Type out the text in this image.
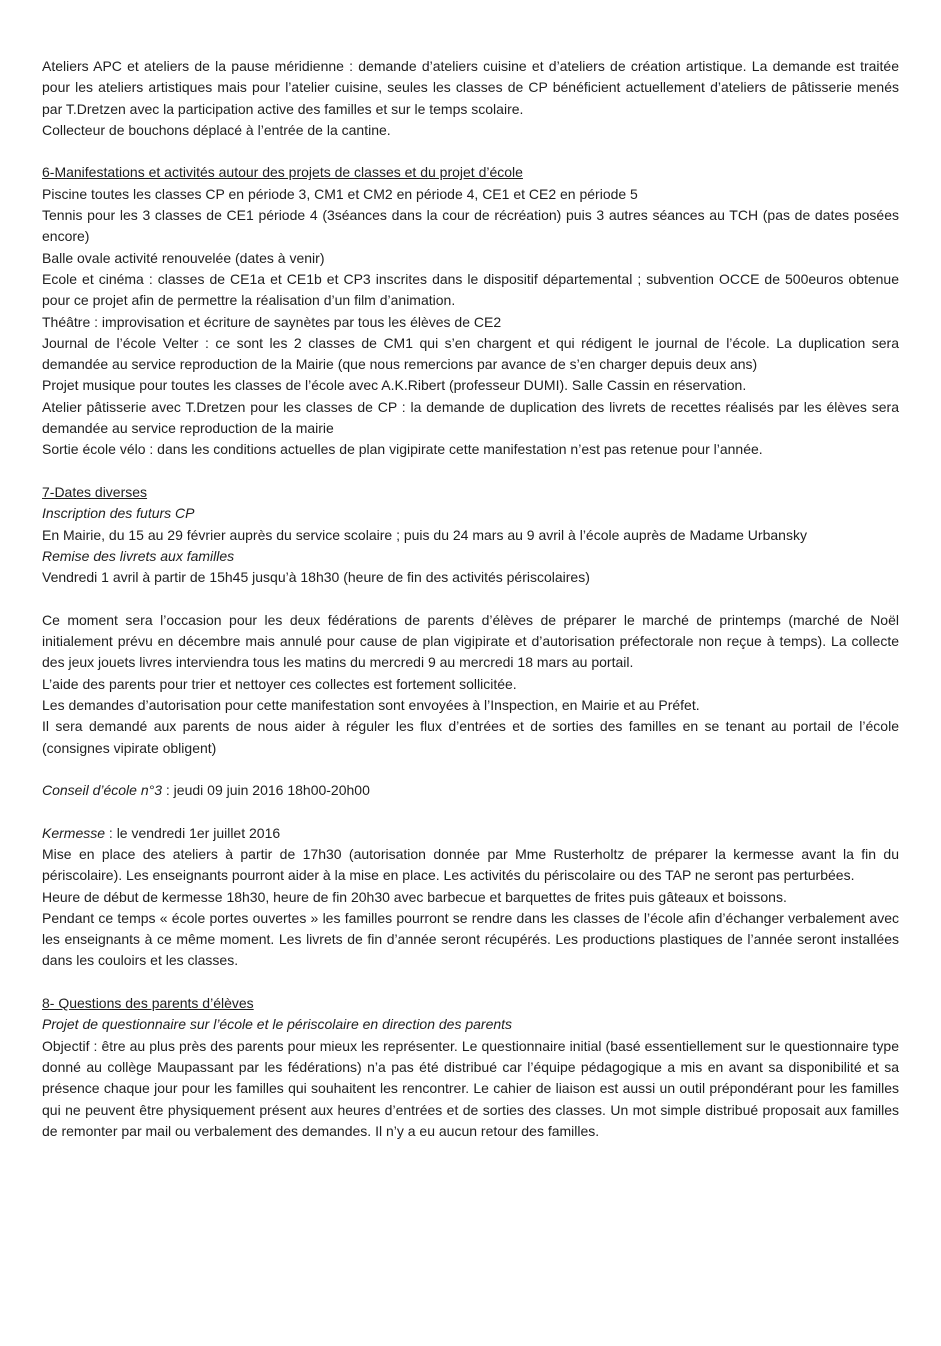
Ateliers APC et ateliers de la pause méridienne : demande d’ateliers cuisine et d’ateliers de création artistique. La demande est traitée pour les ateliers artistiques mais pour l’atelier cuisine, seules les classes de CP bénéficient actuellement d’ateliers de pâtisserie menés par T.Dretzen avec la participation active des familles et sur le temps scolaire.

Collecteur de bouchons déplacé à l’entrée de la cantine.

6-Manifestations et activités autour des projets de classes et du projet d’école

Piscine toutes les classes CP en période 3, CM1 et CM2 en période 4, CE1 et CE2 en période 5

Tennis pour les 3 classes de CE1 période 4 (3séances dans la cour de récréation) puis 3 autres séances au TCH (pas de dates posées encore)

Balle ovale activité renouvelée (dates à venir)

Ecole et cinéma : classes de CE1a et CE1b et CP3 inscrites dans le dispositif départemental ; subvention OCCE de 500euros obtenue pour ce projet afin de permettre la réalisation d’un film d’animation.

Théâtre : improvisation et écriture de saynètes par tous les élèves de CE2

Journal de l’école Velter : ce sont les 2 classes de CM1 qui s’en chargent et qui rédigent le journal de l’école. La duplication sera demandée au service reproduction de la Mairie (que nous remercions par avance de s’en charger depuis deux ans)

Projet musique pour toutes les classes de l’école avec A.K.Ribert (professeur DUMI). Salle Cassin en réservation.

Atelier pâtisserie avec T.Dretzen pour les classes de CP : la demande de duplication des livrets de recettes réalisés par les élèves sera demandée au service reproduction de la mairie

Sortie école vélo : dans les conditions actuelles de plan vigipirate cette manifestation n’est pas retenue pour l’année.

7-Dates diverses

Inscription des futurs CP

En Mairie, du 15 au 29 février auprès du service scolaire ; puis du 24 mars au 9 avril à l’école auprès de Madame Urbansky

Remise des livrets aux familles

Vendredi 1 avril à partir de 15h45 jusqu’à 18h30 (heure de fin des activités périscolaires)

Ce moment sera l’occasion pour les deux fédérations de parents d’élèves de préparer le marché de printemps (marché de Noël initialement prévu en décembre mais annulé pour cause de plan vigipirate et d’autorisation préfectorale non reçue à temps). La collecte des jeux jouets livres interviendra tous les matins du mercredi 9 au mercredi 18 mars au portail.

L’aide des parents pour trier et nettoyer ces collectes est fortement sollicitée.

Les demandes d’autorisation pour cette manifestation sont envoyées à l’Inspection, en Mairie et au Préfet.

Il sera demandé aux parents de nous aider à réguler les flux d’entrées et de sorties des familles en se tenant au portail de l’école (consignes vipirate obligent)

Conseil d’école n°3 : jeudi 09 juin 2016 18h00-20h00

Kermesse : le vendredi 1er juillet 2016

Mise en place des ateliers à partir de 17h30 (autorisation donnée par Mme Rusterholtz de préparer la kermesse avant la fin du périscolaire). Les enseignants pourront aider à la mise en place. Les activités du périscolaire ou des TAP ne seront pas perturbées.

Heure de début de kermesse 18h30, heure de fin 20h30 avec barbecue et barquettes de frites puis gâteaux et boissons.

Pendant ce temps « école portes ouvertes » les familles pourront se rendre dans les classes de l’école afin d’échanger verbalement avec les enseignants à ce même moment. Les livrets de fin d’année seront récupérés. Les productions plastiques de l’année seront installées dans les couloirs et les classes.

8- Questions des parents d’élèves

Projet de questionnaire sur l’école et le périscolaire en direction des parents

Objectif : être au plus près des parents pour mieux les représenter. Le questionnaire initial (basé essentiellement sur le questionnaire type donné au collège Maupassant par les fédérations) n’a pas été distribué car l’équipe pédagogique a mis en avant sa disponibilité et sa présence chaque jour pour les familles qui souhaitent les rencontrer. Le cahier de liaison est aussi un outil prépondérant pour les familles qui ne peuvent être physiquement présent aux heures d’entrées et de sorties des classes. Un mot simple distribué proposait aux familles de remonter par mail ou verbalement des demandes. Il n’y a eu aucun retour des familles.
